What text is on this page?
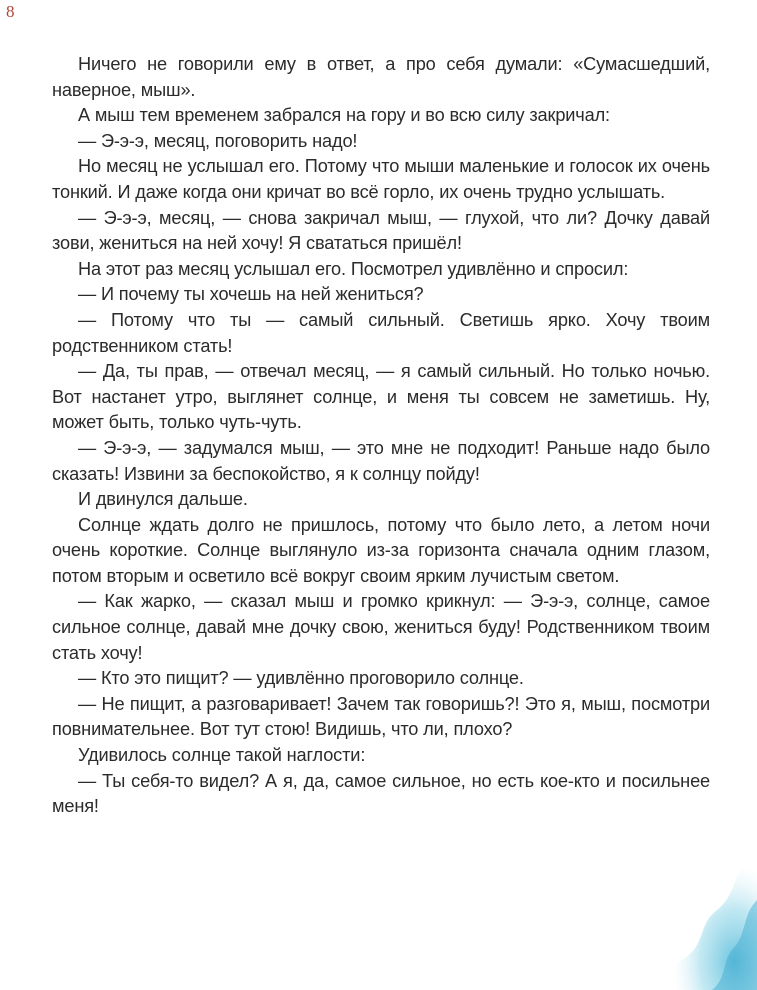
8

Ничего не говорили ему в ответ, а про себя думали: «Сумасшедший, наверное, мыш».

А мыш тем временем забрался на гору и во всю силу закричал:

— Э-э-э, месяц, поговорить надо!

Но месяц не услышал его. Потому что мыши маленькие и голосок их очень тонкий. И даже когда они кричат во всё горло, их очень трудно услышать.

— Э-э-э, месяц, — снова закричал мыш, — глухой, что ли? Дочку давай зови, жениться на ней хочу! Я свататься пришёл!

На этот раз месяц услышал его. Посмотрел удивлённо и спросил:

— И почему ты хочешь на ней жениться?

— Потому что ты — самый сильный. Светишь ярко. Хочу твоим родственником стать!

— Да, ты прав, — отвечал месяц, — я самый сильный. Но только ночью. Вот настанет утро, выглянет солнце, и меня ты совсем не заметишь. Ну, может быть, только чуть-чуть.

— Э-э-э, — задумался мыш, — это мне не подходит! Раньше надо было сказать! Извини за беспокойство, я к солнцу пойду!

И двинулся дальше.

Солнце ждать долго не пришлось, потому что было лето, а летом ночи очень короткие. Солнце выглянуло из-за горизонта сначала одним глазом, потом вторым и осветило всё вокруг своим ярким лучистым светом.

— Как жарко, — сказал мыш и громко крикнул: — Э-э-э, солнце, самое сильное солнце, давай мне дочку свою, жениться буду! Родственником твоим стать хочу!

— Кто это пищит? — удивлённо проговорило солнце.

— Не пищит, а разговаривает! Зачем так говоришь?! Это я, мыш, посмотри повнимательнее. Вот тут стою! Видишь, что ли, плохо?

Удивилось солнце такой наглости:

— Ты себя-то видел? А я, да, самое сильное, но есть кое-кто и посильнее меня!
